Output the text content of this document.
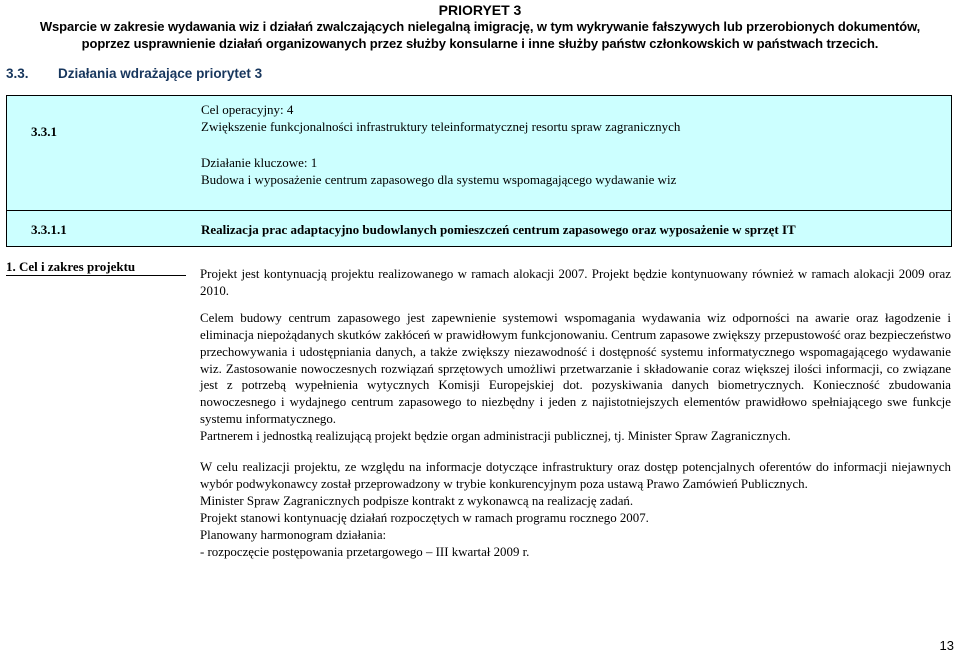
PRIORYET 3
Wsparcie w zakresie wydawania wiz i działań zwalczających nielegalną imigrację, w tym wykrywanie fałszywych lub przerobionych dokumentów,
poprzez usprawnienie działań organizowanych przez służby konsularne i inne służby państw członkowskich w państwach trzecich.
3.3. Działania wdrażające priorytet 3
3.3.1
Cel operacyjny: 4
Zwiększenie funkcjonalności infrastruktury teleinformatycznej resortu spraw zagranicznych
Działanie kluczowe: 1
Budowa i wyposażenie centrum zapasowego dla systemu wspomagającego wydawanie wiz
3.3.1.1	Realizacja prac adaptacyjno budowlanych pomieszczeń centrum zapasowego oraz wyposażenie w sprzęt IT
1. Cel i zakres projektu	Projekt jest kontynuacją projektu realizowanego w ramach alokacji 2007. Projekt będzie kontynuowany również w ramach alokacji 2009 oraz 2010.

Celem budowy centrum zapasowego jest zapewnienie systemowi wspomagania wydawania wiz odporności na awarie oraz łagodzenie i eliminacja niepożądanych skutków zakłóceń w prawidłowym funkcjonowaniu. Centrum zapasowe zwiększy przepustowość oraz bezpieczeństwo przechowywania i udostępniania danych, a także zwiększy niezawodność i dostępność systemu informatycznego wspomagającego wydawanie wiz. Zastosowanie nowoczesnych rozwiązań sprzętowych umożliwi przetwarzanie i składowanie coraz większej ilości informacji, co związane jest z potrzebą wypełnienia wytycznych Komisji Europejskiej dot. pozyskiwania danych biometrycznych. Konieczność zbudowania nowoczesnego i wydajnego centrum zapasowego to niezbędny i jeden z najistotniejszych elementów prawidłowo spełniającego swe funkcje systemu informatycznego.

Partnerem i jednostką realizującą projekt będzie organ administracji publicznej, tj. Minister Spraw Zagranicznych.

W celu realizacji projektu, ze względu na informacje dotyczące infrastruktury oraz dostęp potencjalnych oferentów do informacji niejawnych wybór podwykonawcy został przeprowadzony w trybie konkurencyjnym poza ustawą Prawo Zamówień Publicznych.

Minister Spraw Zagranicznych podpisze kontrakt z wykonawcą na realizację zadań.

Projekt stanowi kontynuację działań rozpoczętych w ramach programu rocznego 2007.

Planowany harmonogram działania:

- rozpoczęcie postępowania przetargowego – III kwartał 2009 r.

13
